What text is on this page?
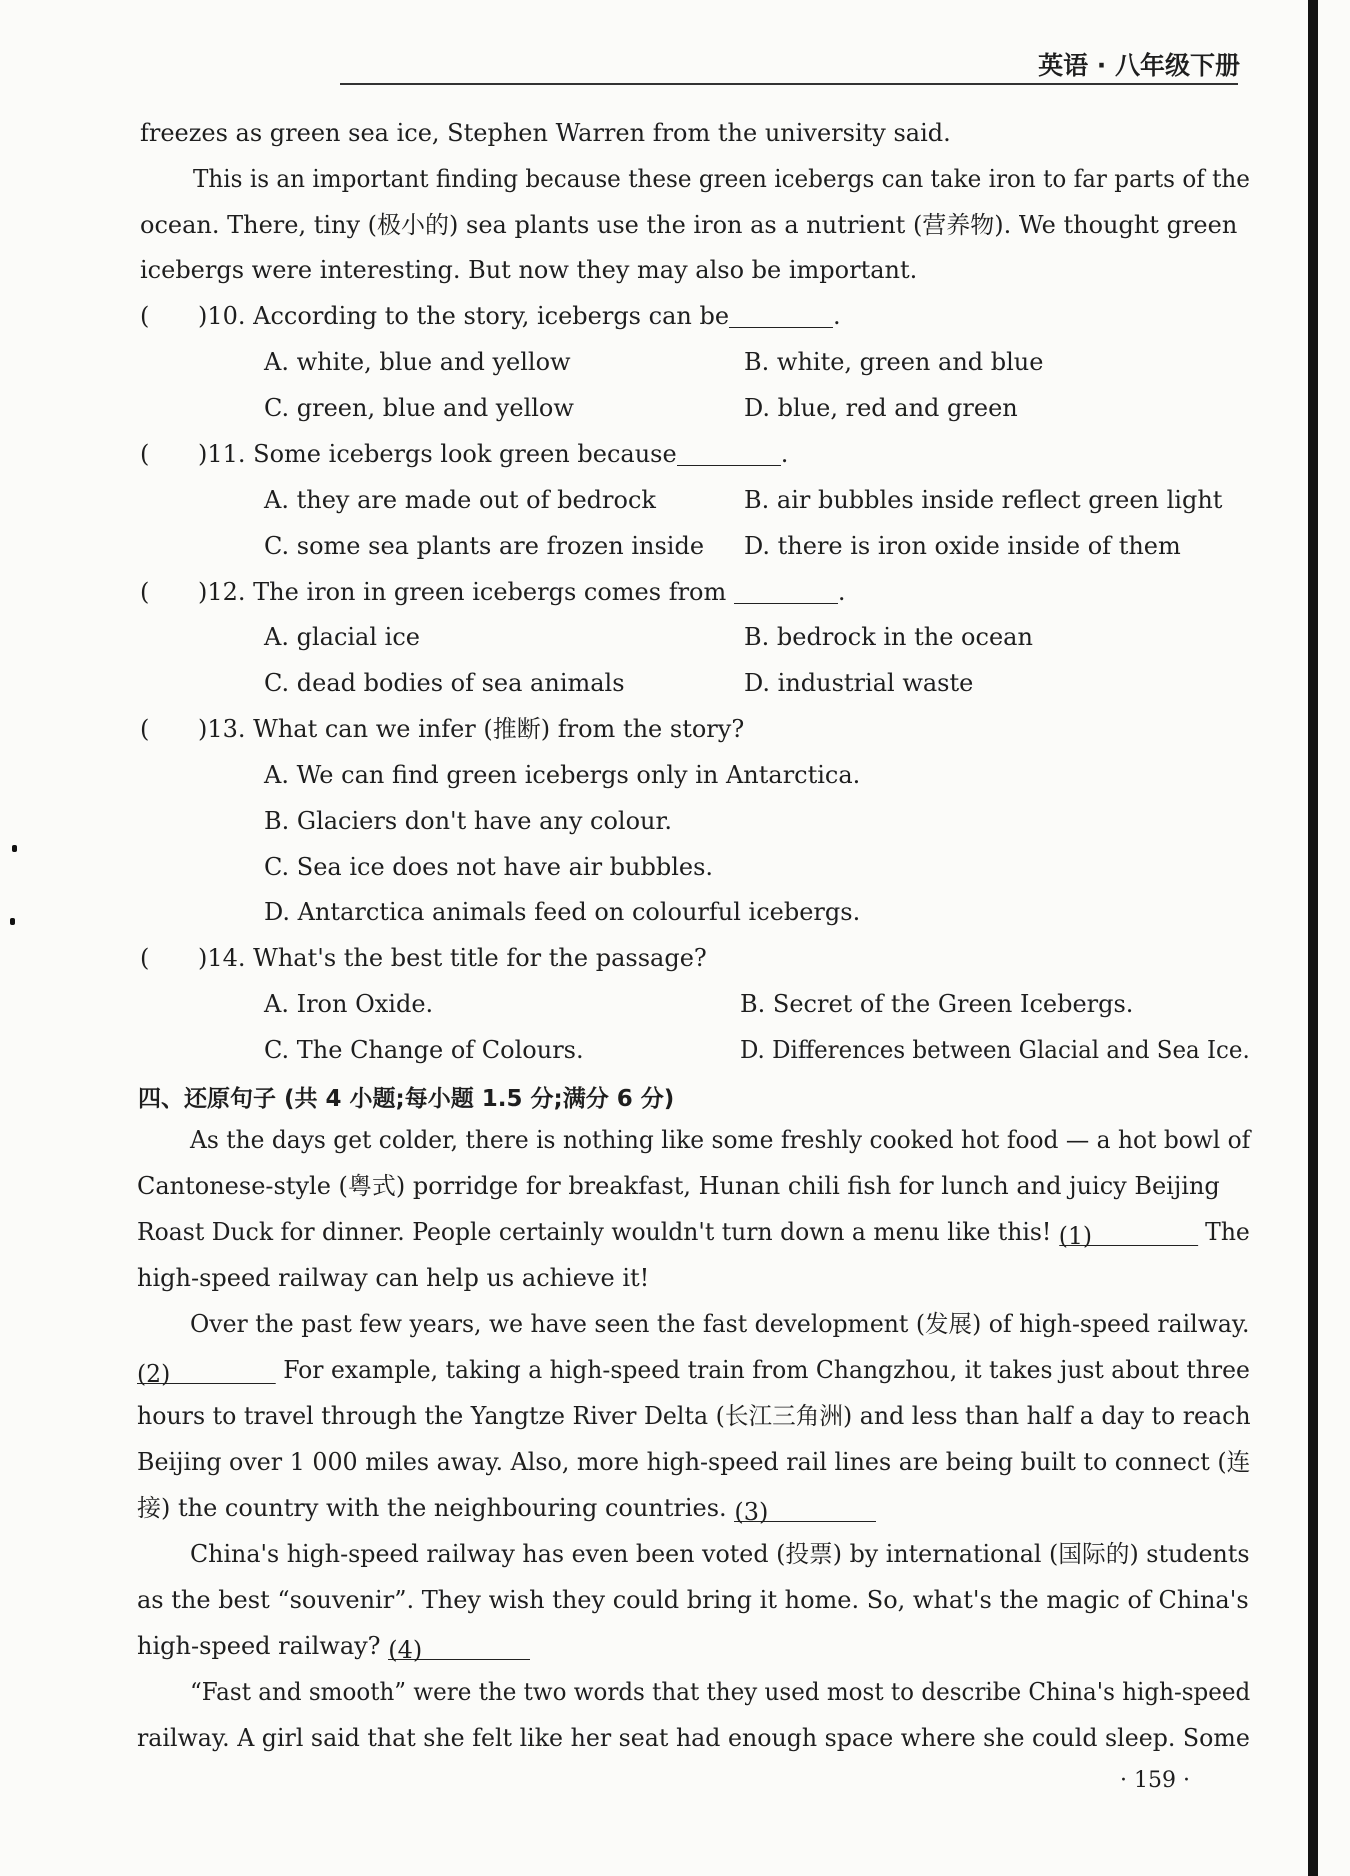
英语 · 八年级下册
freezes as green sea ice, Stephen Warren from the university said.
This is an important finding because these green icebergs can take iron to far parts of the
ocean. There, tiny (极小的) sea plants use the iron as a nutrient (营养物). We thought green
icebergs were interesting. But now they may also be important.
( )10. According to the story, icebergs can be	.
A. white, blue and yellow	B. white, green and blue
C. green, blue and yellow	D. blue, red and green
( )11. Some icebergs look green because	.
A. they are made out of bedrock	B. air bubbles inside reflect green light
C. some sea plants are frozen inside D. there is iron oxide inside of them
( )12. The iron in green icebergs comes from	.
A. glacial ice	B. bedrock in the ocean
C. dead bodies of sea animals	D. industrial waste
( )13. What can we infer (推断) from the story?
A. We can find green icebergs only in Antarctica.
B. Glaciers don't have any colour.
C. Sea ice does not have air bubbles.
D. Antarctica animals feed on colourful icebergs.
( )14. What's the best title for the passage?
A. Iron Oxide.	B. Secret of the Green Icebergs.
C. The Change of Colours.	D. Differences between Glacial and Sea Ice.
四、还原句子 (共 4 小题;每小题 1.5 分;满分 6 分)
As the days get colder, there is nothing like some freshly cooked hot food — a hot bowl of
Cantonese-style (粤式) porridge for breakfast, Hunan chili fish for lunch and juicy Beijing
Roast Duck for dinner. People certainly wouldn't turn down a menu like this! (1)	The
high-speed railway can help us achieve it!
Over the past few years, we have seen the fast development (发展) of high-speed railway.
(2)	For example, taking a high-speed train from Changzhou, it takes just about three
hours to travel through the Yangtze River Delta (长江三角洲) and less than half a day to reach
Beijing over 1 000 miles away. Also, more high-speed rail lines are being built to connect (连
接) the country with the neighbouring countries. (3)
China's high-speed railway has even been voted (投票) by international (国际的) students
as the best “souvenir”. They wish they could bring it home. So, what's the magic of China's
high-speed railway? (4)
“Fast and smooth” were the two words that they used most to describe China's high-speed
railway. A girl said that she felt like her seat had enough space where she could sleep. Some
· 159 ·
